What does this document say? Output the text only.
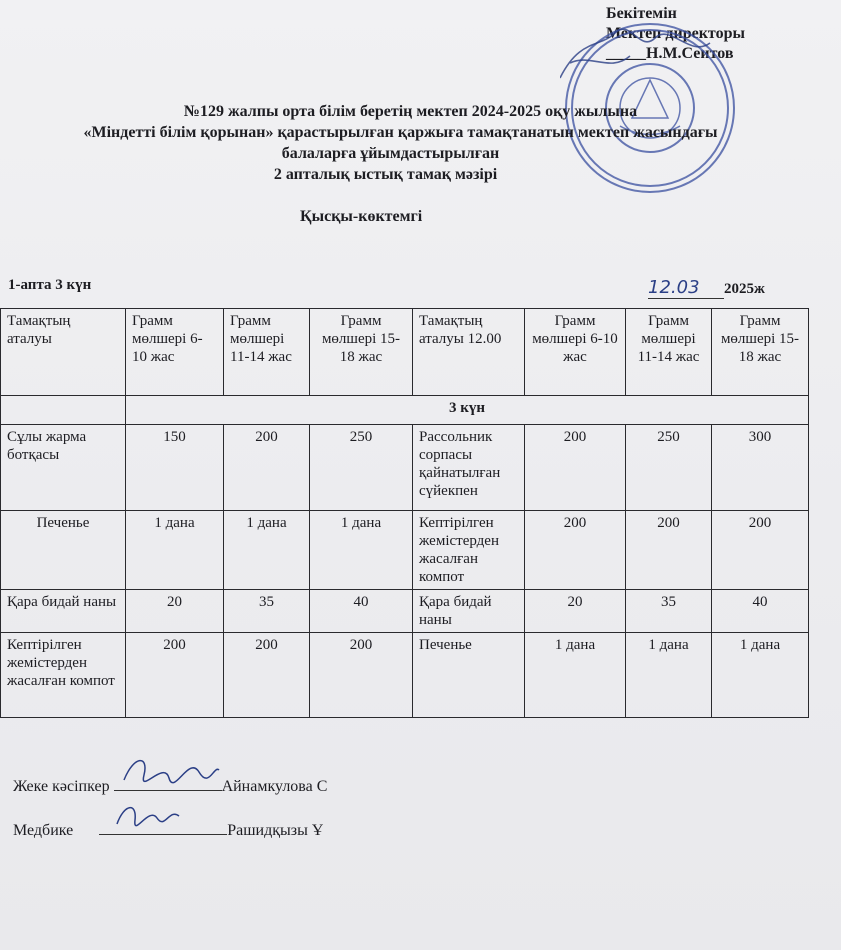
Бекітемін
Мектеп директоры
_____Н.М.Сеитов
№129 жалпы орта білім беретің мектеп 2024-2025 оқу жылына
«Міндетті білім қорынан» қарастырылған қаржыға тамақтанатын мектеп жасындағы
балаларға ұйымдастырылған
2 апталық ыстық тамақ мәзірі
Қысқы-көктемгі
1-апта 3 күн	12.03 2025ж
Тамақтың аталуы	Грамм мөлшері 6-10 жас	Грамм мөлшері 11-14 жас	Грамм мөлшері 15-18 жас	Тамақтың аталуы 12.00	Грамм мөлшері 6-10 жас	Грамм мөлшері 11-14 жас	Грамм мөлшері 15-18 жас
	3 күн						
Сұлы жарма ботқасы	150	200	250	Рассольник сорпасы қайнатылған сүйекпен	200	250	300
Печенье	1 дана	1 дана	1 дана	Кептірілген жемістерден жасалған компот	200	200	200
Қара бидай наны	20	35	40	Қара бидай наны	20	35	40
Кептірілген жемістерден жасалған компот	200	200	200	Печенье	1 дана	1 дана	1 дана
Жеке кәсіпкер	Айнамкулова С
Медбике	Рашидқызы Ұ
